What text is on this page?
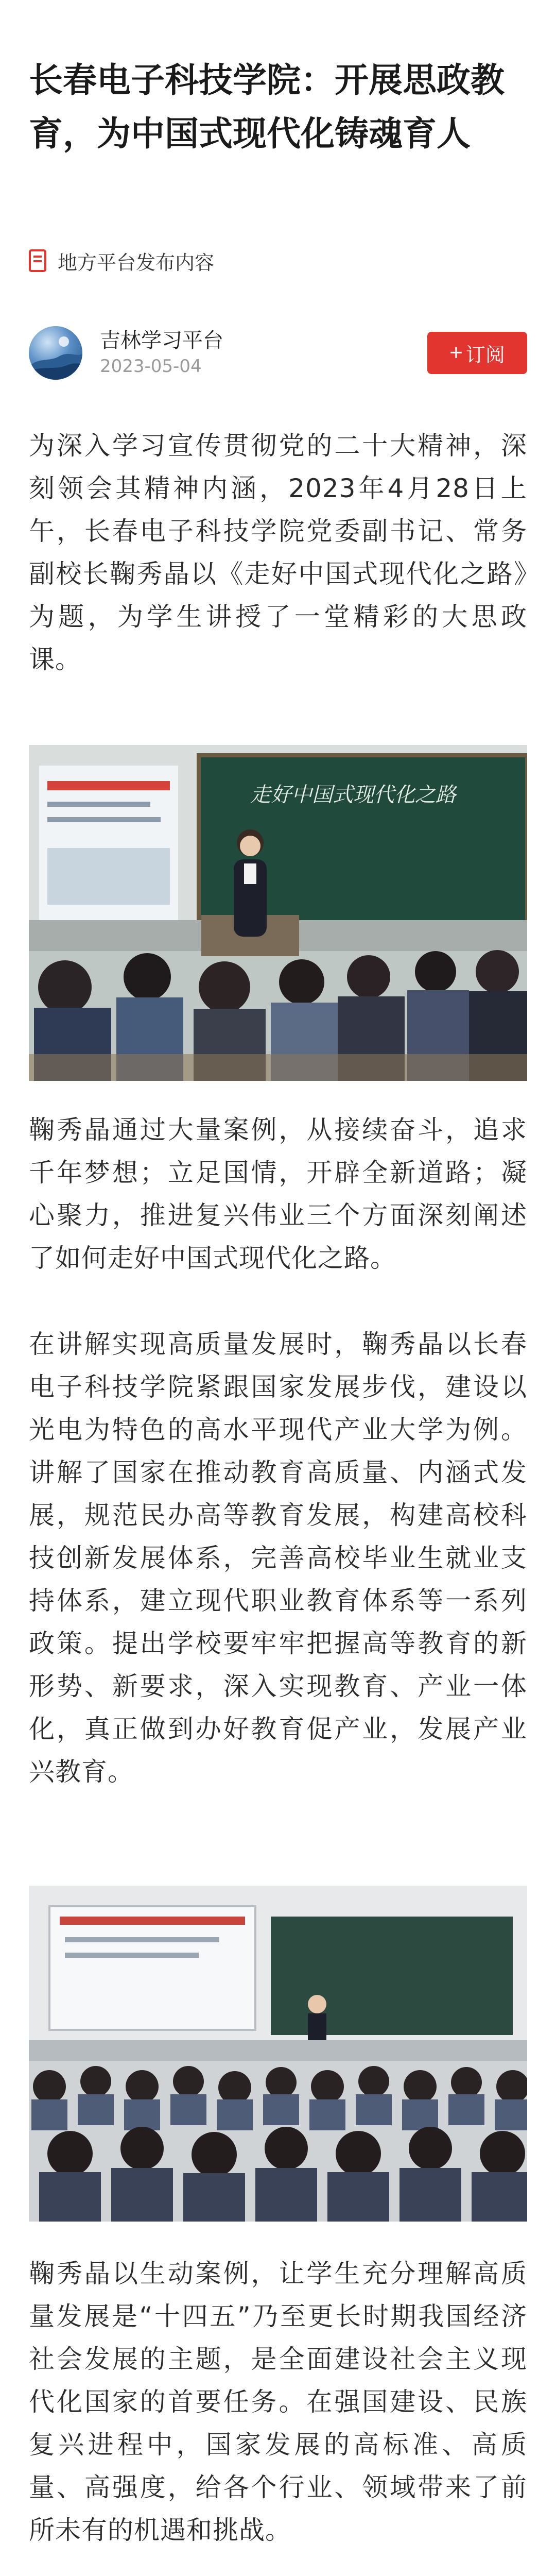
长春电子科技学院：开展思政教育，为中国式现代化铸魂育人
地方平台发布内容
吉林学习平台
2023-05-04
+ 订阅

为深入学习宣传贯彻党的二十大精神，深刻领会其精神内涵，2023年4月28日上午，长春电子科技学院党委副书记、常务副校长鞠秀晶以《走好中国式现代化之路》为题，为学生讲授了一堂精彩的大思政课。

走好中国式现代化之路

鞠秀晶通过大量案例，从接续奋斗，追求千年梦想；立足国情，开辟全新道路；凝心聚力，推进复兴伟业三个方面深刻阐述了如何走好中国式现代化之路。

在讲解实现高质量发展时，鞠秀晶以长春电子科技学院紧跟国家发展步伐，建设以光电为特色的高水平现代产业大学为例。讲解了国家在推动教育高质量、内涵式发展，规范民办高等教育发展，构建高校科技创新发展体系，完善高校毕业生就业支持体系，建立现代职业教育体系等一系列政策。提出学校要牢牢把握高等教育的新形势、新要求，深入实现教育、产业一体化，真正做到办好教育促产业，发展产业兴教育。

鞠秀晶以生动案例，让学生充分理解高质量发展是“十四五”乃至更长时期我国经济社会发展的主题，是全面建设社会主义现代化国家的首要任务。在强国建设、民族复兴进程中，国家发展的高标准、高质量、高强度，给各个行业、领域带来了前所未有的机遇和挑战。
